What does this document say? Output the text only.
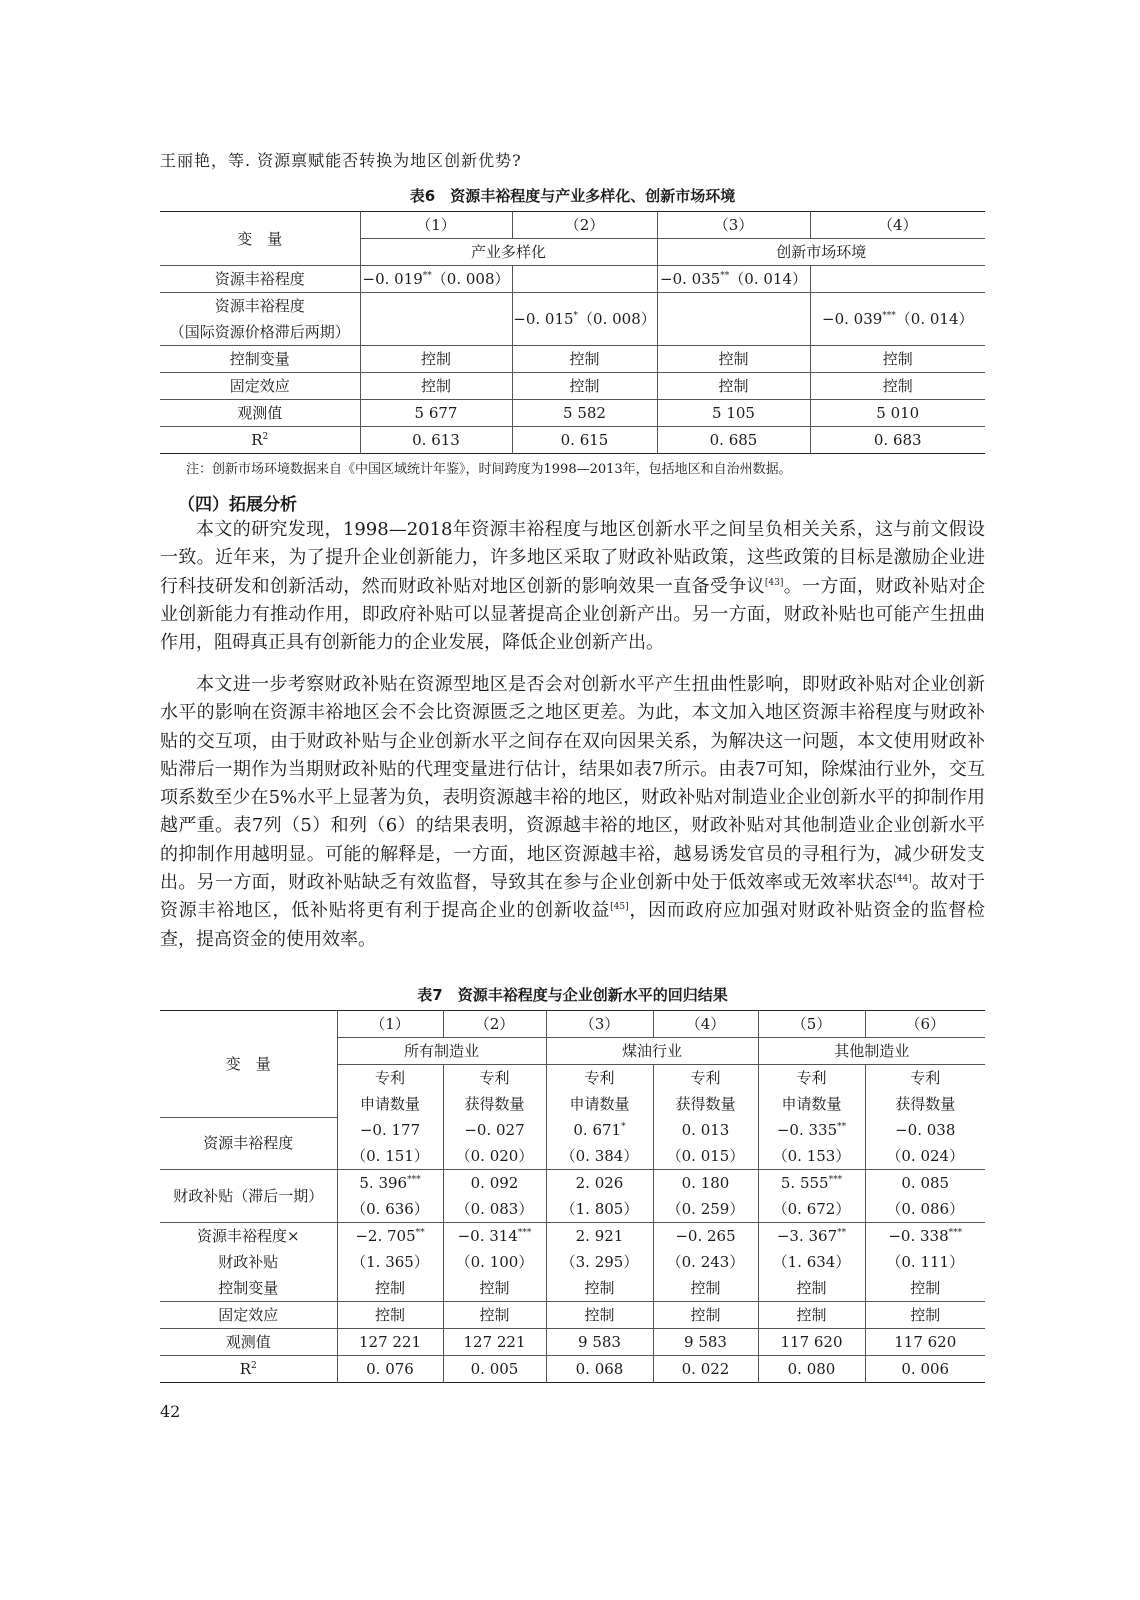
王丽艳，等. 资源禀赋能否转换为地区创新优势?
表6　资源丰裕程度与产业多样化、创新市场环境
变　量	（1）	（2）	（3）	（4）
	产业多样化		创新市场环境	
资源丰裕程度	−0. 019**（0. 008）		−0. 035**（0. 014）	

资源丰裕程度
（国际资源价格滞后两期）		−0. 015*（0. 008）		−0. 039***（0. 014）
控制变量	控制	控制	控制	控制
固定效应	控制	控制	控制	控制
观测值	5 677	5 582	5 105	5 010
$R^2$	0. 613	0. 615	0. 685	0. 683
注：创新市场环境数据来自《中国区域统计年鉴》，时间跨度为1998—2013年，包括地区和自治州数据。
（四）拓展分析

本文的研究发现，1998—2018年资源丰裕程度与地区创新水平之间呈负相关关系，这与前文假设一致。近年来，为了提升企业创新能力，许多地区采取了财政补贴政策，这些政策的目标是激励企业进行科技研发和创新活动，然而财政补贴对地区创新的影响效果一直备受争议[43]。一方面，财政补贴对企业创新能力有推动作用，即政府补贴可以显著提高企业创新产出。另一方面，财政补贴也可能产生扭曲作用，阻碍真正具有创新能力的企业发展，降低企业创新产出。

本文进一步考察财政补贴在资源型地区是否会对创新水平产生扭曲性影响，即财政补贴对企业创新水平的影响在资源丰裕地区会不会比资源匮乏之地区更差。为此，本文加入地区资源丰裕程度与财政补贴的交互项，由于财政补贴与企业创新水平之间存在双向因果关系，为解决这一问题，本文使用财政补贴滞后一期作为当期财政补贴的代理变量进行估计，结果如表7所示。由表7可知，除煤油行业外，交互项系数至少在5%水平上显著为负，表明资源越丰裕的地区，财政补贴对制造业企业创新水平的抑制作用越严重。表7列（5）和列（6）的结果表明，资源越丰裕的地区，财政补贴对其他制造业企业创新水平的抑制作用越明显。可能的解释是，一方面，地区资源越丰裕，越易诱发官员的寻租行为，减少研发支出。另一方面，财政补贴缺乏有效监督，导致其在参与企业创新中处于低效率或无效率状态[44]。故对于资源丰裕地区，低补贴将更有利于提高企业的创新收益[45]，因而政府应加强对财政补贴资金的监督检查，提高资金的使用效率。

表7　资源丰裕程度与企业创新水平的回归结果
变　量	（1）	（2）	（3）	（4）	（5）	（6）
	所有制造业		煤油行业		其他制造业	
	专利	专利	专利	专利	专利	专利
	申请数量	获得数量	申请数量	获得数量	申请数量	获得数量
资源丰裕程度	−0. 177	−0. 027	0. 671*	0. 013	−0. 335**	−0. 038
	（0. 151）	（0. 020）	（0. 384）	（0. 015）	（0. 153）	（0. 024）
财政补贴（滞后一期）	5. 396***	0. 092	2. 026	0. 180	5. 555***	0. 085
	（0. 636）	（0. 083）	（1. 805）	（0. 259）	（0. 672）	（0. 086）
资源丰裕程度×	−2. 705**	−0. 314***	2. 921	−0. 265	−3. 367**	−0. 338***
财政补贴	（1. 365）	（0. 100）	（3. 295）	（0. 243）	（1. 634）	（0. 111）
控制变量	控制	控制	控制	控制	控制	控制
固定效应	控制	控制	控制	控制	控制	控制
观测值	127 221	127 221	9 583	9 583	117 620	117 620
$R^2$	0. 076	0. 005	0. 068	0. 022	0. 080	0. 006
42
